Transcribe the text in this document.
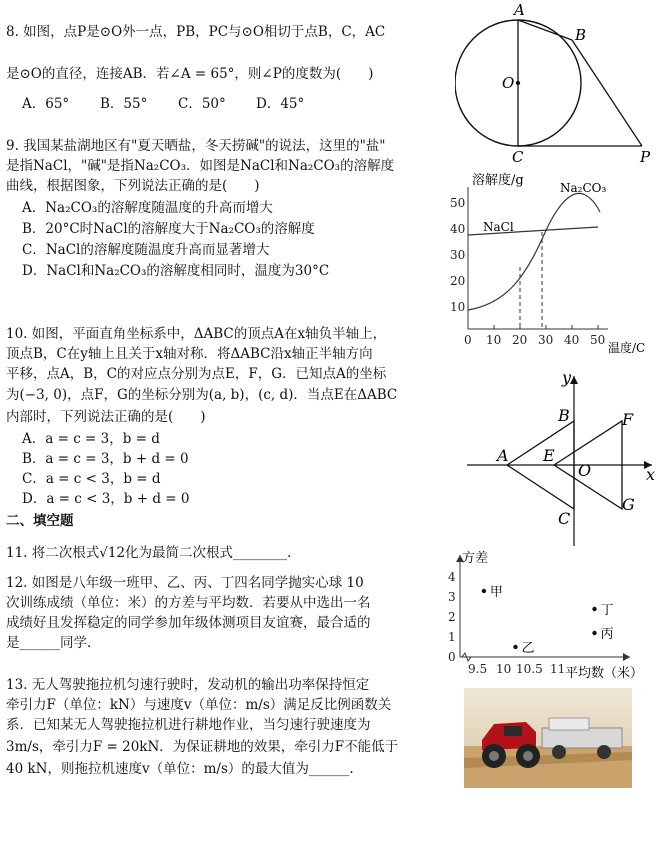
8. 如图，点P是⊙O外一点，PB，PC与⊙O相切于点B，C，AC
是⊙O的直径，连接AB．若∠A = 65°，则∠P的度数为(　　)
A．65° B．55° C．50° D．45°
A
B
O
C	P
9. 我国某盐湖地区有"夏天晒盐，冬天捞碱"的说法，这里的"盐"
是指NaCl，"碱"是指Na₂CO₃．如图是NaCl和Na₂CO₃的溶解度
曲线，根据图象，下列说法正确的是(　　)
A．Na₂CO₃的溶解度随温度的升高而增大
B．20°C时NaCl的溶解度大于Na₂CO₃的溶解度
C．NaCl的溶解度随温度升高而显著增大
D．NaCl和Na₂CO₃的溶解度相同时，温度为30°C
0 10 20 30 40 50
10
20
30
40
50
溶解度/g
温度/C
NaCl
Na₂CO₃
10. 如图，平面直角坐标系中，ΔABC的顶点A在x轴负半轴上，
顶点B，C在y轴上且关于x轴对称．将ΔABC沿x轴正半轴方向
平移，点A，B，C的对应点分别为点E，F，G．已知点A的坐标
为(−3, 0)，点F，G的坐标分别为(a, b)，(c, d)．当点E在ΔABC
内部时，下列说法正确的是(　　)
A．a = c = 3，b = d
B．a = c = 3，b + d = 0
C．a = c < 3，b = d
D．a = c < 3，b + d = 0
y
x
A
B
C
E
F
G
O
二、填空题
11. 将二次根式√12化为最简二次根式________.
12. 如图是八年级一班甲、乙、丙、丁四名同学抛实心球 10
次训练成绩（单位：米）的方差与平均数．若要从中选出一名
成绩好且发挥稳定的同学参加年级体测项目友谊赛，最合适的
是______同学.
方差
平均数（米）
0
1
2
3
4
9.5 10 10.5 11
甲
乙
丙
丁
13. 无人驾驶拖拉机匀速行驶时，发动机的输出功率保持恒定
牵引力F（单位：kN）与速度v（单位：m/s）满足反比例函数关
系．已知某无人驾驶拖拉机进行耕地作业，当匀速行驶速度为
3m/s，牵引力F = 20kN．为保证耕地的效果，牵引力F不能低于
40 kN，则拖拉机速度v（单位：m/s）的最大值为______.
